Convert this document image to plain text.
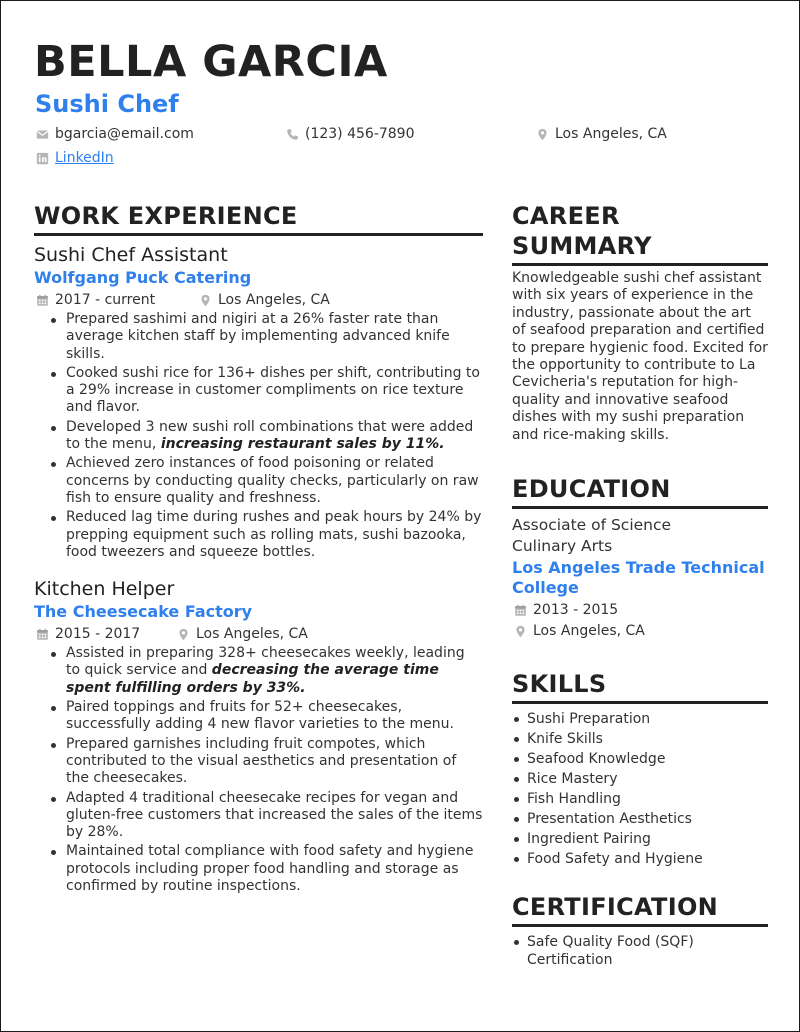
BELLA GARCIA
Sushi Chef
bgarcia@email.com	(123) 456-7890	Los Angeles, CA
LinkedIn
WORK EXPERIENCE
Sushi Chef Assistant
Wolfgang Puck Catering
2017 - current	Los Angeles, CA
Prepared sashimi and nigiri at a 26% faster rate than average kitchen staff by implementing advanced knife skills.
Cooked sushi rice for 136+ dishes per shift, contributing to a 29% increase in customer compliments on rice texture and flavor.
Developed 3 new sushi roll combinations that were added to the menu, increasing restaurant sales by 11%.
Achieved zero instances of food poisoning or related concerns by conducting quality checks, particularly on raw fish to ensure quality and freshness.
Reduced lag time during rushes and peak hours by 24% by prepping equipment such as rolling mats, sushi bazooka, food tweezers and squeeze bottles.
Kitchen Helper
The Cheesecake Factory
2015 - 2017	Los Angeles, CA
Assisted in preparing 328+ cheesecakes weekly, leading to quick service and decreasing the average time spent fulfilling orders by 33%.
Paired toppings and fruits for 52+ cheesecakes, successfully adding 4 new flavor varieties to the menu.
Prepared garnishes including fruit compotes, which contributed to the visual aesthetics and presentation of the cheesecakes.
Adapted 4 traditional cheesecake recipes for vegan and gluten-free customers that increased the sales of the items by 28%.
Maintained total compliance with food safety and hygiene protocols including proper food handling and storage as confirmed by routine inspections.
CAREER SUMMARY
Knowledgeable sushi chef assistant with six years of experience in the industry, passionate about the art of seafood preparation and certified to prepare hygienic food. Excited for the opportunity to contribute to La Cevicheria's reputation for high-quality and innovative seafood dishes with my sushi preparation and rice-making skills.
EDUCATION
Associate of Science
Culinary Arts
Los Angeles Trade Technical College
2013 - 2015
Los Angeles, CA
SKILLS
Sushi Preparation
Knife Skills
Seafood Knowledge
Rice Mastery
Fish Handling
Presentation Aesthetics
Ingredient Pairing
Food Safety and Hygiene
CERTIFICATION
Safe Quality Food (SQF) Certification
